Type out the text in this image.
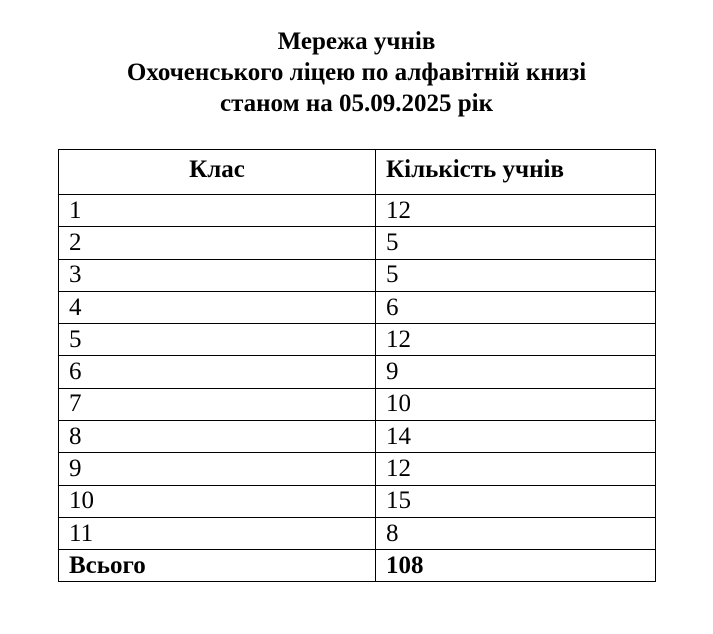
Мережа учнів
Охоченського ліцею по алфавітній книзі
станом на 05.09.2025 рік
Клас	Кількість учнів
1	12
2	5
3	5
4	6
5	12
6	9
7	10
8	14
9	12
10	15
11	8
Всього	108
